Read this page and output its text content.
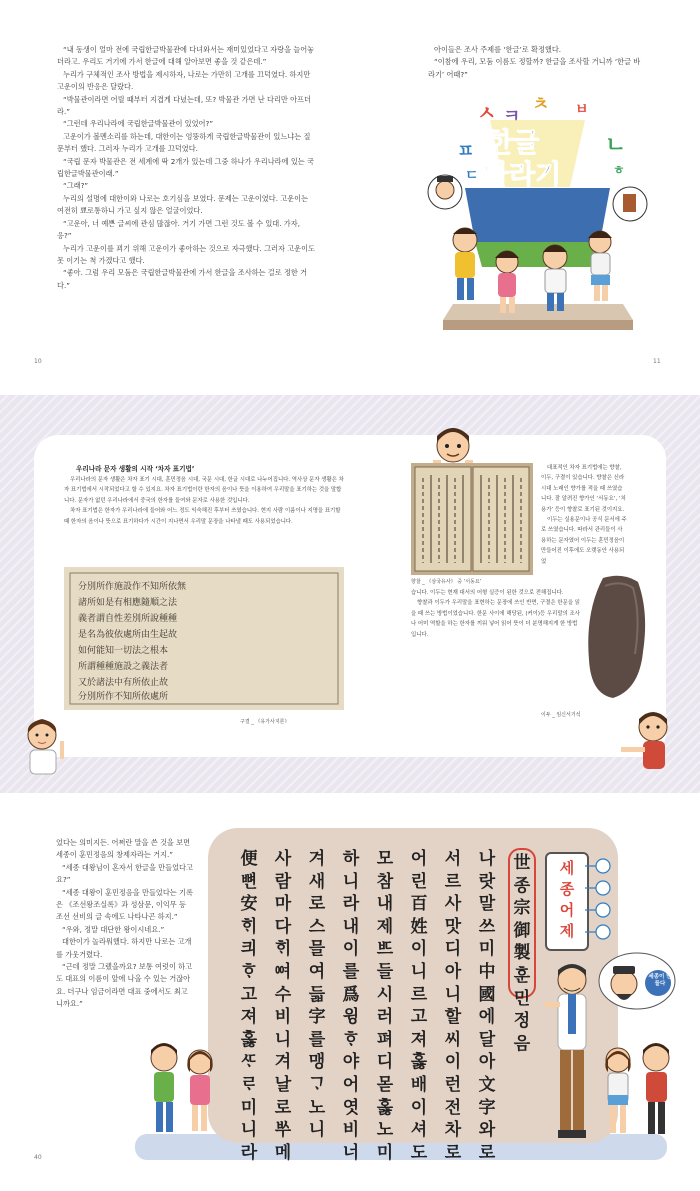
“내 동생이 얼마 전에 국립한글박물관에 다녀와서는 재미있었다고 자랑을 늘어놓더라고. 우리도 거기에 가서 한글에 대해 알아보면 좋을 것 같은데.”

누리가 구체적인 조사 방법을 제시하자, 나로는 가만히 고개를 끄덕였다. 하지만 고운이의 반응은 달랐다.

“박물관이라면 어릴 때부터 지겹게 다녔는데, 또? 박물관 가면 난 다리만 아프더라.”

“그런데 우리나라에 국립한글박물관이 있었어?”

고운이가 볼멘소리를 하는데, 대한이는 엉뚱하게 국립한글박물관이 있느냐는 질문부터 했다. 그러자 누리가 고개를 끄덕였다.

“국립 문자 박물관은 전 세계에 딱 2개가 있는데 그중 하나가 우리나라에 있는 국립한글박물관이래.”

“그래?”

누리의 설명에 대한이와 나로는 호기심을 보였다. 문제는 고운이였다. 고운이는 여전히 뾰로통하니 가고 싶지 않은 얼굴이었다.

“고운아, 너 예쁜 글씨에 관심 많잖아. 거기 가면 그런 것도 볼 수 있대. 가자, 응?”

누리가 고운이를 꾀기 위해 고운이가 좋아하는 것으로 자극했다. 그러자 고운이도 못 이기는 척 가겠다고 했다.

“좋아. 그럼 우리 모둠은 국립한글박물관에 가서 한글을 조사하는 걸로 정한 거다.”

10

아이들은 조사 주제를 ‘한글’로 확정했다.

“이참에 우리, 모둠 이름도 정할까? 한글을 조사할 거니까 ‘한글 바라기’ 어때?”

11
ㅅ ㅋ
ㅊ ㅂ
ㅍ	ㄴ
ㅎ
ㄷ
한글
바라기
우리나라 문자 생활의 시작 ‘차자 표기법’

우리나라의 문자 생활은 차자 표기 시대, 훈민정음 시대, 국문 시대, 한글 시대로 나누어집니다. 역사상 문자 생활은 차자 표기법에서 시작되었다고 할 수 있지요. 차자 표기법이란 한자의 음이나 뜻을 이용하여 우리말을 표기하는 것을 말합니다. 문자가 없던 우리나라에서 중국의 한자를 들여와 문자로 사용한 것입니다.

차자 표기법은 한자가 우리나라에 들어와 어느 정도 익숙해진 후부터 쓰였습니다. 현지 사람 이름이나 지명을 표기할 때 한자의 음이나 뜻으로 표기하다가 시간이 지나면서 우리말 문장을 나타낼 때도 사용되었습니다.

分別所作施設作不知所依無
諸所如是有相應隨順之法
義者謂自性差別所說種種
是名為彼依處所由生起故
如何能知一切法之根本
所謂種種施設之義法者
又於諸法中有所依止故
分別所作不知所依處所
구결 _ 《유가사지론》
향찰 _ 《삼국유사》 중 ‘서동요’

대표적인 차자 표기법에는 향찰, 이두, 구결이 있습니다. 향찰은 신라 시대 노래인 향가를 적을 때 쓰였습니다. 잘 알려진 향가인 ‘서동요’, ‘처용가’ 등이 향찰로 표기된 것이지요.

이두는 실용문이나 공식 문서에 주로 쓰였습니다. 따라서 관리들이 사용하는 문자였어 이두는 훈민정음이 만들어진 이후에도 오랫동안 사용되었

습니다. 이두는 현재 대서의 어형 실증이 된한 것으로 전해집니다.

향찰과 이두가 우리말을 표현하는 문장에 쓰인 반면, 구결은 한문을 읽을 때 쓰는 방법이었습니다. 한문 사이에 해당된, (커이)등 우리말의 조사나 어미 역할을 하는 한자를 끼워 넣어 읽어 뜻이 더 분명해지게 한 방법입니다.

이두 _ 임신서기석

었다는 의미지든. 어쩌란 말을 쓴 것을 보면 세종이 훈민정음의 창제자라는 거지.”

“세종 대왕님이 혼자서 한글을 만들었다고요?”

“세종 대왕이 훈민정음을 만들었다는 기록은 《조선왕조실록》과 성삼문, 이익무 등 조선 선비의 글 속에도 나타나곤 하지.”

“우와, 정말 대단한 왕이시네요.”

대한이가 놀라워했다. 하지만 나로는 고개를 가웃거렸다.

“근데 정말 그랬을까요? 보통 여럿이 하고도 대표의 이름이 앞에 나올 수 있는 거잖아요. 더구나 임금이라면 대표 중에서도 최고니까요.”

40
便뼌安ᄒᆡ킈ᄒᆞ고져홇ᄯᆞᄅᆞ미니라
사람마다ᄒᆡᅇᅧ수비니겨날로ᄡᅮ메
겨새로스믈여듧字를맹ᄀᆞ노니
하니라내이를爲윙ᄒᆞ야어엿비너
모참내제ᄠᅳ들시러펴디몯홇노미
어린百姓이니르고져홇배이셔도
서르사맛디아니할씨이런전차로
나랏말쓰미中國에달아文字와로
世종宗御製훈민정음
세종어제
세종이 만들다
